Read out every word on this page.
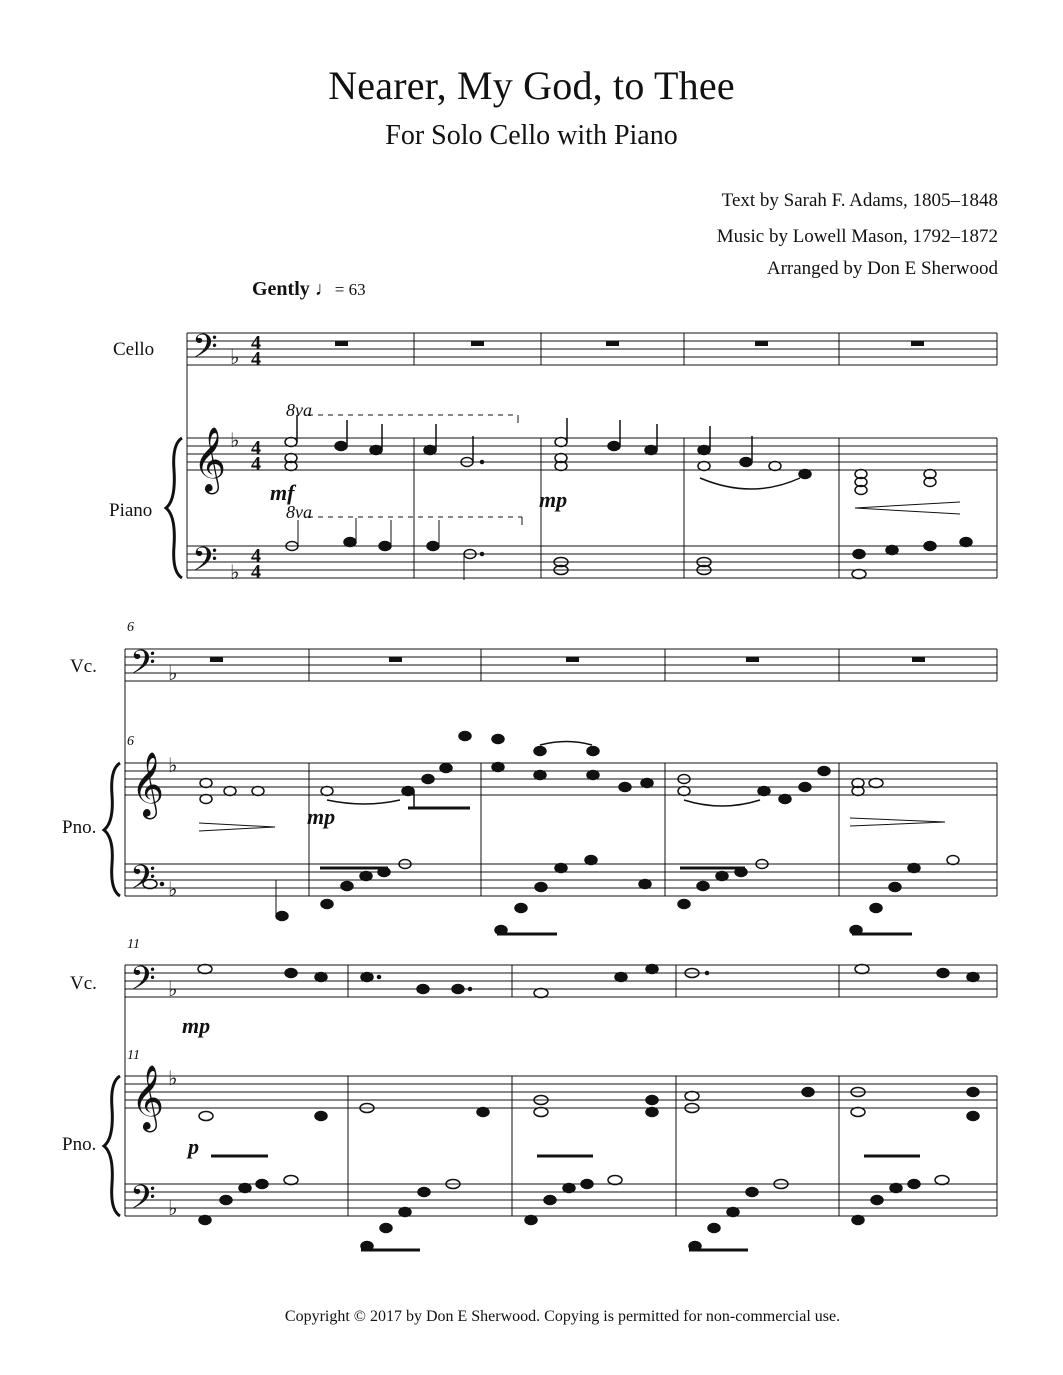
Nearer, My God, to Thee
For Solo Cello with Piano
Text by Sarah F. Adams, 1805–1848
Music by Lowell Mason, 1792–1872
Arranged by Don E Sherwood
Gently ♩= 63
𝄢
𝄞
𝄢
𝄢
𝄞
𝄢
𝄢
𝄞
𝄢
♭
♭
♭
♭
♭
♭
♭
♭
♭
4
4
4
4
4
4
8va
8va
Cello
Piano
Vc.
Pno.
Vc.
Pno.
6
6
11
11
mf	mp
mp
mp
p
Copyright © 2017 by Don E Sherwood. Copying is permitted for non-commercial use.
